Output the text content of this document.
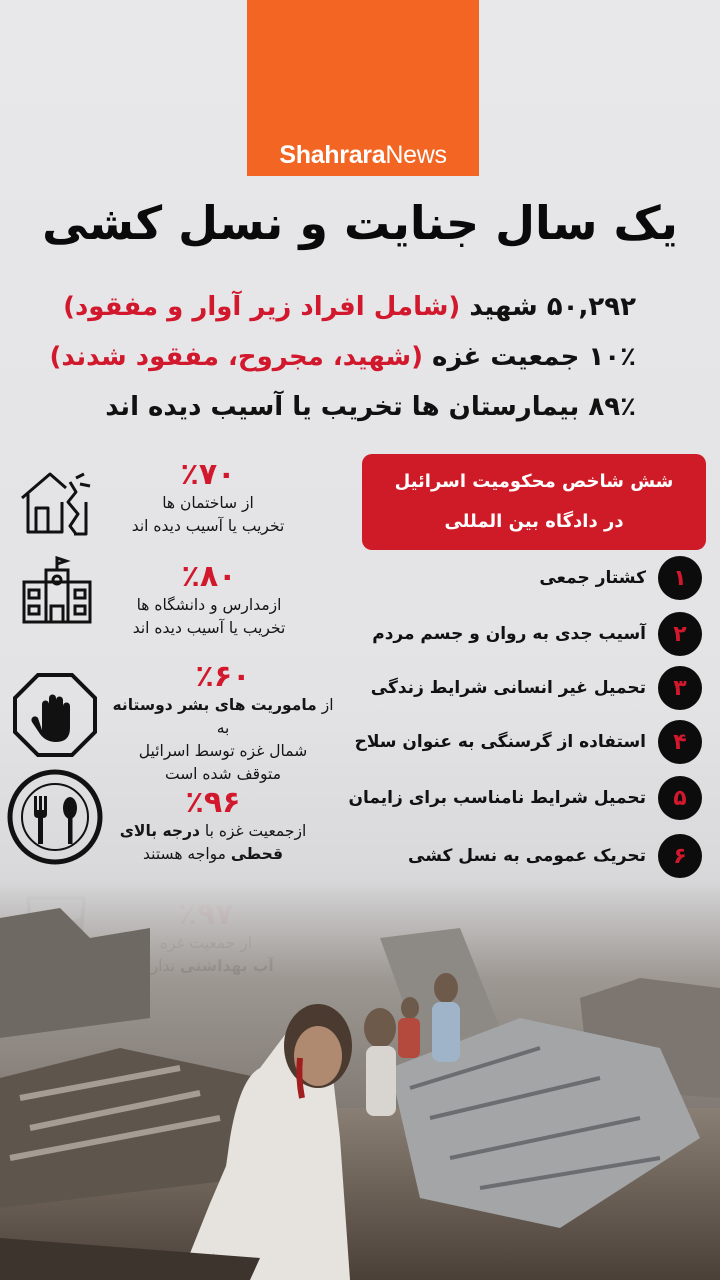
Shahrara News
یک سال جنایت و نسل کشی
۵۰,۲۹۲ شهید (شامل افراد زیر آوار و مفقود)
۱۰٪ جمعیت غزه (شهید، مجروح، مفقود شدند)
۸۹٪ بیمارستان ها تخریب یا آسیب دیده اند
شش شاخص محکومیت اسرائیل
در دادگاه بین المللی
۱
کشتار جمعی
۲
آسیب جدی به روان و جسم مردم
۳
تحمیل غیر انسانی شرایط زندگی
۴
استفاده از گرسنگی به عنوان سلاح
۵
تحمیل شرایط نامناسب برای زایمان
۶
تحریک عمومی به نسل کشی
٪۷۰
از ساختمان ها
تخریب یا آسیب دیده اند
٪۸۰
ازمدارس و دانشگاه ها
تخریب یا آسیب دیده اند
٪۶۰
از ماموریت های بشر دوستانه به
شمال غزه توسط اسرائیل
متوقف شده است
٪۹۶
ازجمعیت غزه با درجه بالای
قحطی مواجه هستند
